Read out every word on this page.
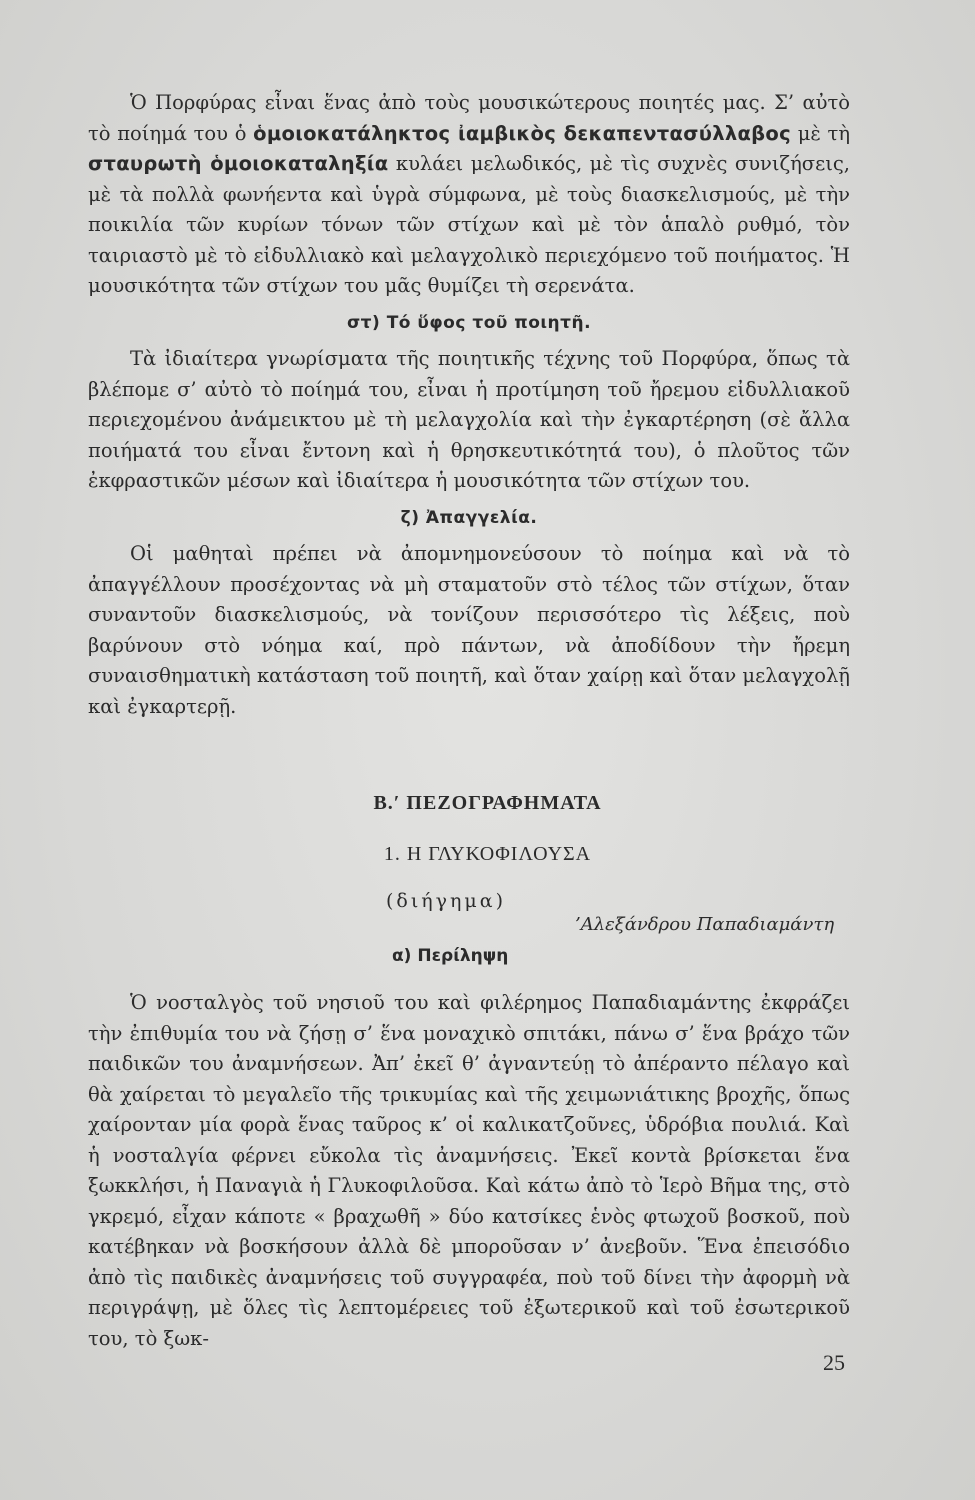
Ὁ Πορφύρας εἶναι ἕνας ἀπὸ τοὺς μουσικώτερους ποιητές μας. Σ’ αὐτὸ τὸ ποίημά του ὁ ὁμοιοκατάληκτος ἰαμβικὸς δεκαπεντασύλλαβος μὲ τὴ σταυρωτὴ ὁμοιοκαταληξία κυλάει μελωδικός, μὲ τὶς συχνὲς συνιζήσεις, μὲ τὰ πολλὰ φωνήεντα καὶ ὑγρὰ σύμφωνα, μὲ τοὺς διασκελισμούς, μὲ τὴν ποικιλία τῶν κυρίων τόνων τῶν στίχων καὶ μὲ τὸν ἁπαλὸ ρυθμό, τὸν ταιριαστὸ μὲ τὸ εἰδυλλιακὸ καὶ μελαγχολικὸ περιεχόμενο τοῦ ποιήματος. Ἡ μουσικότητα τῶν στίχων του μᾶς θυμίζει τὴ σερενάτα.

στ) Τό ὕφος τοῦ ποιητῆ.

Τὰ ἰδιαίτερα γνωρίσματα τῆς ποιητικῆς τέχνης τοῦ Πορφύρα, ὅπως τὰ βλέπομε σ’ αὐτὸ τὸ ποίημά του, εἶναι ἡ προτίμηση τοῦ ἤρεμου εἰδυλλιακοῦ περιεχομένου ἀνάμεικτου μὲ τὴ μελαγχολία καὶ τὴν ἐγκαρτέρηση (σὲ ἄλλα ποιήματά του εἶναι ἔντονη καὶ ἡ θρησκευτικότητά του), ὁ πλοῦτος τῶν ἐκφραστικῶν μέσων καὶ ἰδιαίτερα ἡ μουσικότητα τῶν στίχων του.

ζ) Ἀπαγγελία.

Οἱ μαθηταὶ πρέπει νὰ ἀπομνημονεύσουν τὸ ποίημα καὶ νὰ τὸ ἀπαγγέλλουν προσέχοντας νὰ μὴ σταματοῦν στὸ τέλος τῶν στίχων, ὅταν συναντοῦν διασκελισμούς, νὰ τονίζουν περισσότερο τὶς λέξεις, ποὺ βαρύνουν στὸ νόημα καί, πρὸ πάντων, νὰ ἀποδίδουν τὴν ἤρεμη συναισθηματικὴ κατάσταση τοῦ ποιητῆ, καὶ ὅταν χαίρῃ καὶ ὅταν μελαγχολῇ καὶ ἐγκαρτερῇ.

Β.′ ΠΕΖΟΓΡΑΦΗΜΑΤΑ
1. Η ΓΛΥΚΟΦΙΛΟΥΣΑ
(διήγημα)
’Αλεξάνδρου Παπαδιαμάντη
α) Περίληψη

Ὁ νοσταλγὸς τοῦ νησιοῦ του καὶ φιλέρημος Παπαδιαμάντης ἐκφράζει τὴν ἐπιθυμία του νὰ ζήσῃ σ’ ἕνα μοναχικὸ σπιτάκι, πάνω σ’ ἕνα βράχο τῶν παιδικῶν του ἀναμνήσεων. Ἀπ’ ἐκεῖ θ’ ἀγναντεύῃ τὸ ἀπέραντο πέλαγο καὶ θὰ χαίρεται τὸ μεγαλεῖο τῆς τρικυμίας καὶ τῆς χειμωνιάτικης βροχῆς, ὅπως χαίρονταν μία φορὰ ἕνας ταῦρος κ’ οἱ καλικατζοῦνες, ὑδρόβια πουλιά. Καὶ ἡ νοσταλγία φέρνει εὔκολα τὶς ἀναμνήσεις. Ἐκεῖ κοντὰ βρίσκεται ἕνα ξωκκλήσι, ἡ Παναγιὰ ἡ Γλυκοφιλοῦσα. Καὶ κάτω ἀπὸ τὸ Ἱερὸ Βῆμα της, στὸ γκρεμό, εἶχαν κάποτε « βραχωθῆ » δύο κατσίκες ἑνὸς φτωχοῦ βοσκοῦ, ποὺ κατέβηκαν νὰ βοσκήσουν ἀλλὰ δὲ μποροῦσαν ν’ ἀνεβοῦν. Ἕνα ἐπεισόδιο ἀπὸ τὶς παιδικὲς ἀναμνήσεις τοῦ συγγραφέα, ποὺ τοῦ δίνει τὴν ἀφορμὴ νὰ περιγράψῃ, μὲ ὅλες τὶς λεπτομέρειες τοῦ ἐξωτερικοῦ καὶ τοῦ ἐσωτερικοῦ του, τὸ ξωκ-

25
